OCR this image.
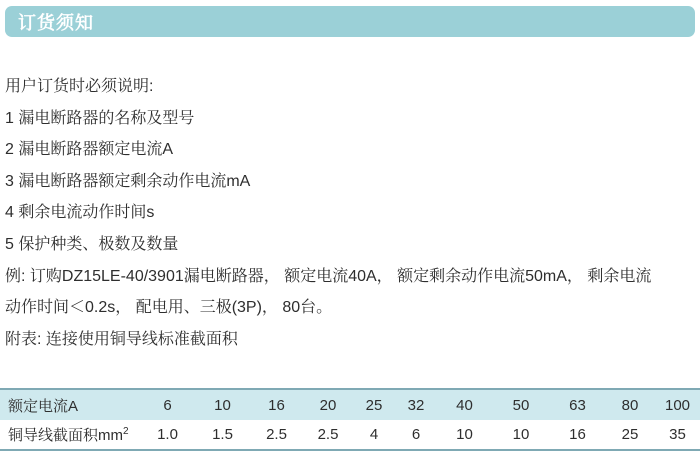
订货须知

用户订货时必须说明:

1 漏电断路器的名称及型号

2 漏电断路器额定电流A

3 漏电断路器额定剩余动作电流mA

4 剩余电流动作时间s

5 保护种类、极数及数量

例: 订购DZ15LE-40/3901漏电断路器， 额定电流40A， 额定剩余动作电流50mA， 剩余电流

动作时间＜0.2s， 配电用、三极(3P)， 80台。

附表: 连接使用铜导线标准截面积

额定电流A	6	10	16	20	25	32	40	50	63	80	100
铜导线截面积$mm^2$	1.0	1.5	2.5	2.5	4	6	10	10	16	25	35
